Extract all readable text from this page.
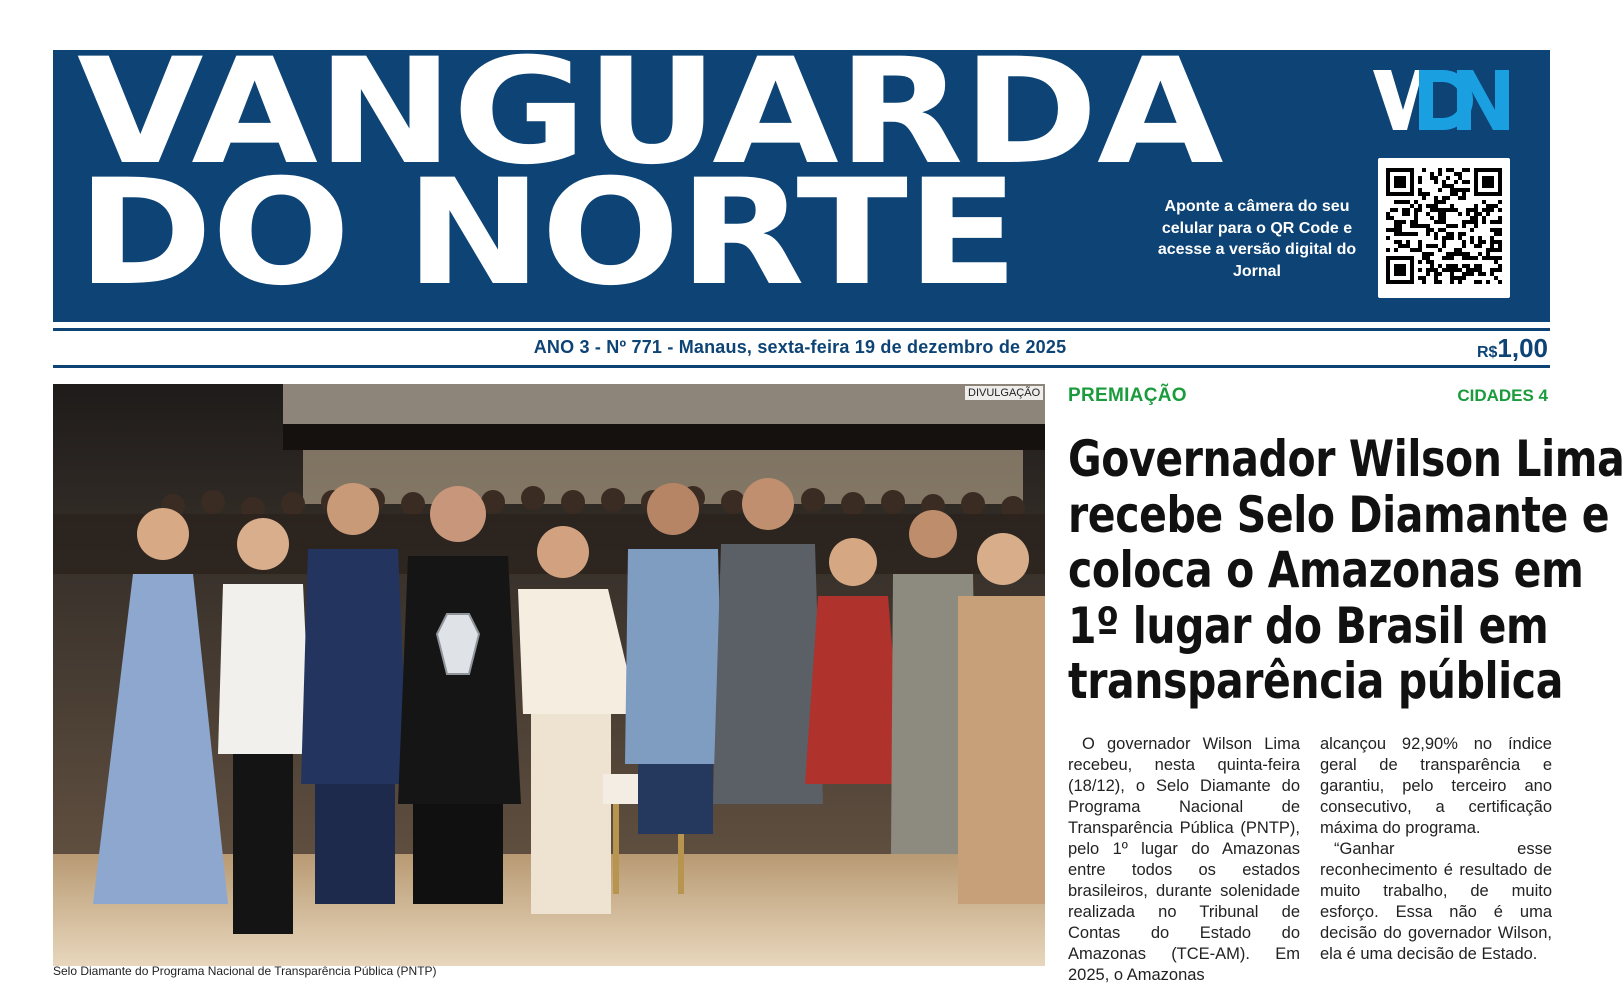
VANGUARDA
DO NORTE	Aponte a câmera do seu celular para o QR Code e acesse a versão digital do Jornal
ANO 3 - Nº 771 - Manaus, sexta-feira 19 de dezembro de 2025	R$1,00
DIVULGAÇÃO
Selo Diamante do Programa Nacional de Transparência Pública (PNTP)
PREMIAÇÃO	CIDADES 4
Governador Wilson Lima
recebe Selo Diamante e
coloca o Amazonas em
1º lugar do Brasil em
transparência pública

O governador Wilson Lima recebeu, nesta quinta-feira (18/12), o Selo Diamante do Programa Nacional de Transparência Pública (PNTP), pelo 1º lugar do Amazonas entre todos os estados brasileiros, durante solenidade realizada no Tribunal de Contas do Estado do Amazonas (TCE-AM). Em 2025, o Amazonas

alcançou 92,90% no índice geral de transparência e garantiu, pelo terceiro ano consecutivo, a certificação máxima do programa.

“Ganhar esse reconhecimento é resultado de muito trabalho, de muito esforço. Essa não é uma decisão do governador Wilson, ela é uma decisão de Estado.
